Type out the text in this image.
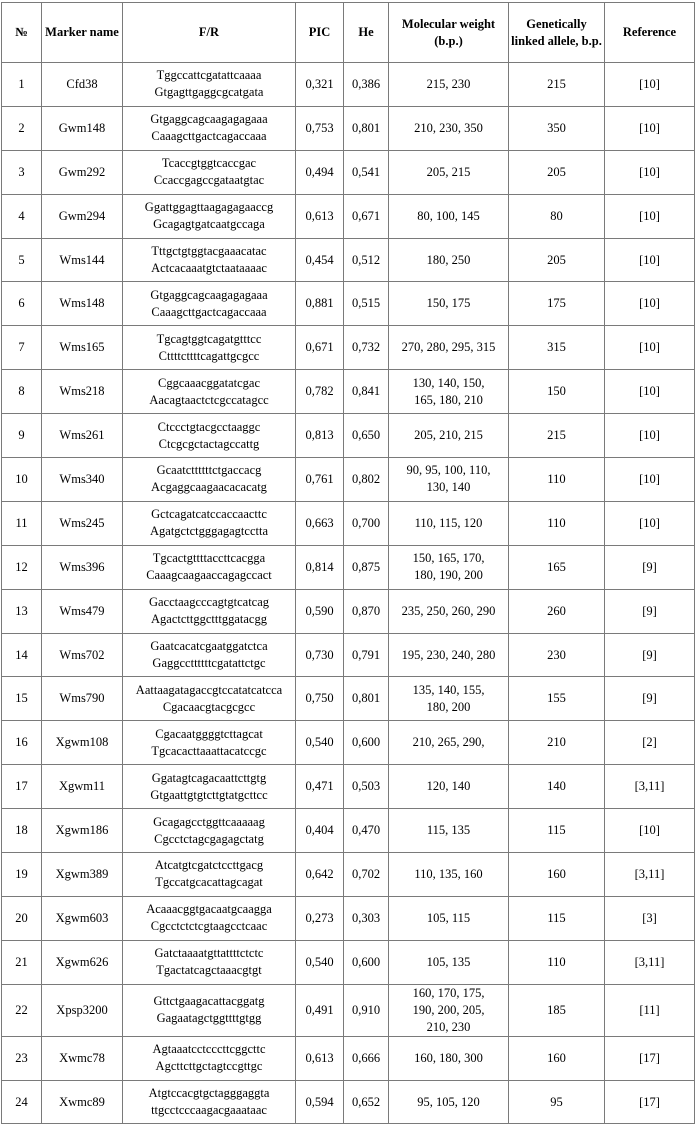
№	Marker name	F/R	PIC	He	Molecular weight (b.p.)	Genetically linked allele, b.p.	Reference
1	Cfd38	Tggccattcgatattcaaaa
Gtgagttgaggcgcatgata	0,321	0,386	215, 230	215	[10]
2	Gwm148	Gtgaggcagcaagagagaaa
Caaagcttgactcagaccaaa	0,753	0,801	210, 230, 350	350	[10]
3	Gwm292	Tcaccgtggtcaccgac
Ccaccgagccgataatgtac	0,494	0,541	205, 215	205	[10]
4	Gwm294	Ggattggagttaagagagaaccg
Gcagagtgatcaatgccaga	0,613	0,671	80, 100, 145	80	[10]
5	Wms144	Tttgctgtggtacgaaacatac
Actcacaaatgtctaataaaac	0,454	0,512	180, 250	205	[10]
6	Wms148	Gtgaggcagcaagagagaaa
Caaagcttgactcagaccaaa	0,881	0,515	150, 175	175	[10]
7	Wms165	Tgcagtggtcagatgtttcc
Cttttcttttcagattgcgcc	0,671	0,732	270, 280, 295, 315	315	[10]
8	Wms218	Cggcaaacggatatcgac
Aacagtaactctcgccatagcc	0,782	0,841	130, 140, 150,
165, 180, 210	150	[10]
9	Wms261	Ctccctgtacgcctaaggc
Ctcgcgctactagccattg	0,813	0,650	205, 210, 215	215	[10]
10	Wms340	Gcaatcttttttctgaccacg
Acgaggcaagaacacacatg	0,761	0,802	90, 95, 100, 110,
130, 140	110	[10]
11	Wms245	Gctcagatcatccaccaacttc
Agatgctctgggagagtcctta	0,663	0,700	110, 115, 120	110	[10]
12	Wms396	Tgcactgttttaccttcacgga
Caaagcaagaaccagagccact	0,814	0,875	150, 165, 170,
180, 190, 200	165	[9]
13	Wms479	Gacctaagcccagtgtcatcag
Agactcttggctttggatacgg	0,590	0,870	235, 250, 260, 290	260	[9]
14	Wms702	Gaatcacatcgaatggatctca
Gaggccttttttcgatattctgc	0,730	0,791	195, 230, 240, 280	230	[9]
15	Wms790	Aattaagatagaccgtccatatcatcca
Cgacaacgtacgcgcc	0,750	0,801	135, 140, 155,
180, 200	155	[9]
16	Xgwm108	Cgacaatggggtcttagcat
Tgcacacttaaattacatccgc	0,540	0,600	210, 265, 290,	210	[2]
17	Xgwm11	Ggatagtcagacaattcttgtg
Gtgaattgtgtcttgtatgcttcc	0,471	0,503	120, 140	140	[3,11]
18	Xgwm186	Gcagagcctggttcaaaaag
Cgcctctagcgagagctatg	0,404	0,470	115, 135	115	[10]
19	Xgwm389	Atcatgtcgatctccttgacg
Tgccatgcacattagcagat	0,642	0,702	110, 135, 160	160	[3,11]
20	Xgwm603	Acaaacggtgacaatgcaagga
Cgcctctctcgtaagcctcaac	0,273	0,303	105, 115	115	[3]
21	Xgwm626	Gatctaaaatgttattttctctc
Tgactatcagctaaacgtgt	0,540	0,600	105, 135	110	[3,11]
22	Xpsp3200	Gttctgaagacattacggatg
Gagaatagctggttttgtgg	0,491	0,910	160, 170, 175,
190, 200, 205,
210, 230	185	[11]
23	Xwmc78	Agtaaatcctcccttcggcttc
Agcttcttgctagtccgttgc	0,613	0,666	160, 180, 300	160	[17]
24	Xwmc89	Atgtccacgtgctagggaggta
ttgcctcccaagacgaaataac	0,594	0,652	95, 105, 120	95	[17]
